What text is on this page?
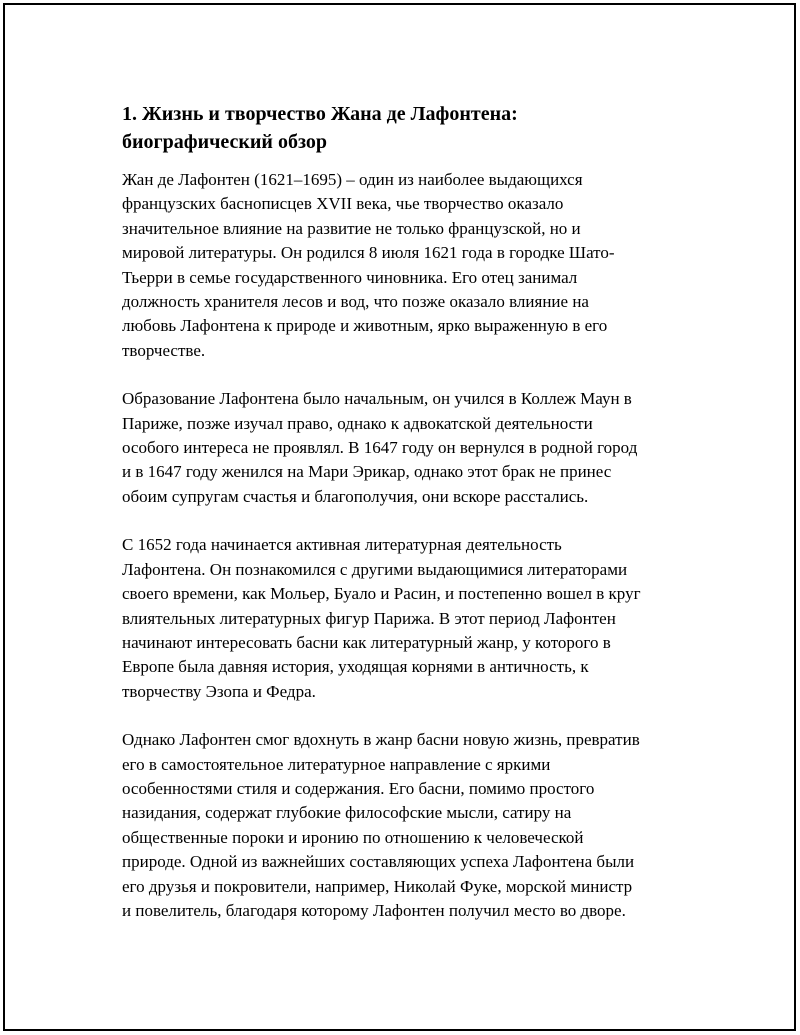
1. Жизнь и творчество Жана де Лафонтена:
биографический обзор

Жан де Лафонтен (1621–1695) – один из наиболее выдающихся
французских баснописцев XVII века, чье творчество оказало
значительное влияние на развитие не только французской, но и
мировой литературы. Он родился 8 июля 1621 года в городке Шато-
Тьерри в семье государственного чиновника. Его отец занимал
должность хранителя лесов и вод, что позже оказало влияние на
любовь Лафонтена к природе и животным, ярко выраженную в его
творчестве.

Образование Лафонтена было начальным, он учился в Коллеж Маун в
Париже, позже изучал право, однако к адвокатской деятельности
особого интереса не проявлял. В 1647 году он вернулся в родной город
и в 1647 году женился на Мари Эрикар, однако этот брак не принес
обоим супругам счастья и благополучия, они вскоре расстались.

С 1652 года начинается активная литературная деятельность
Лафонтена. Он познакомился с другими выдающимися литераторами
своего времени, как Мольер, Буало и Расин, и постепенно вошел в круг
влиятельных литературных фигур Парижа. В этот период Лафонтен
начинают интересовать басни как литературный жанр, у которого в
Европе была давняя история, уходящая корнями в античность, к
творчеству Эзопа и Федра.

Однако Лафонтен смог вдохнуть в жанр басни новую жизнь, превратив
его в самостоятельное литературное направление с яркими
особенностями стиля и содержания. Его басни, помимо простого
назидания, содержат глубокие философские мысли, сатиру на
общественные пороки и иронию по отношению к человеческой
природе. Одной из важнейших составляющих успеха Лафонтена были
его друзья и покровители, например, Николай Фуке, морской министр
и повелитель, благодаря которому Лафонтен получил место во дворе.
